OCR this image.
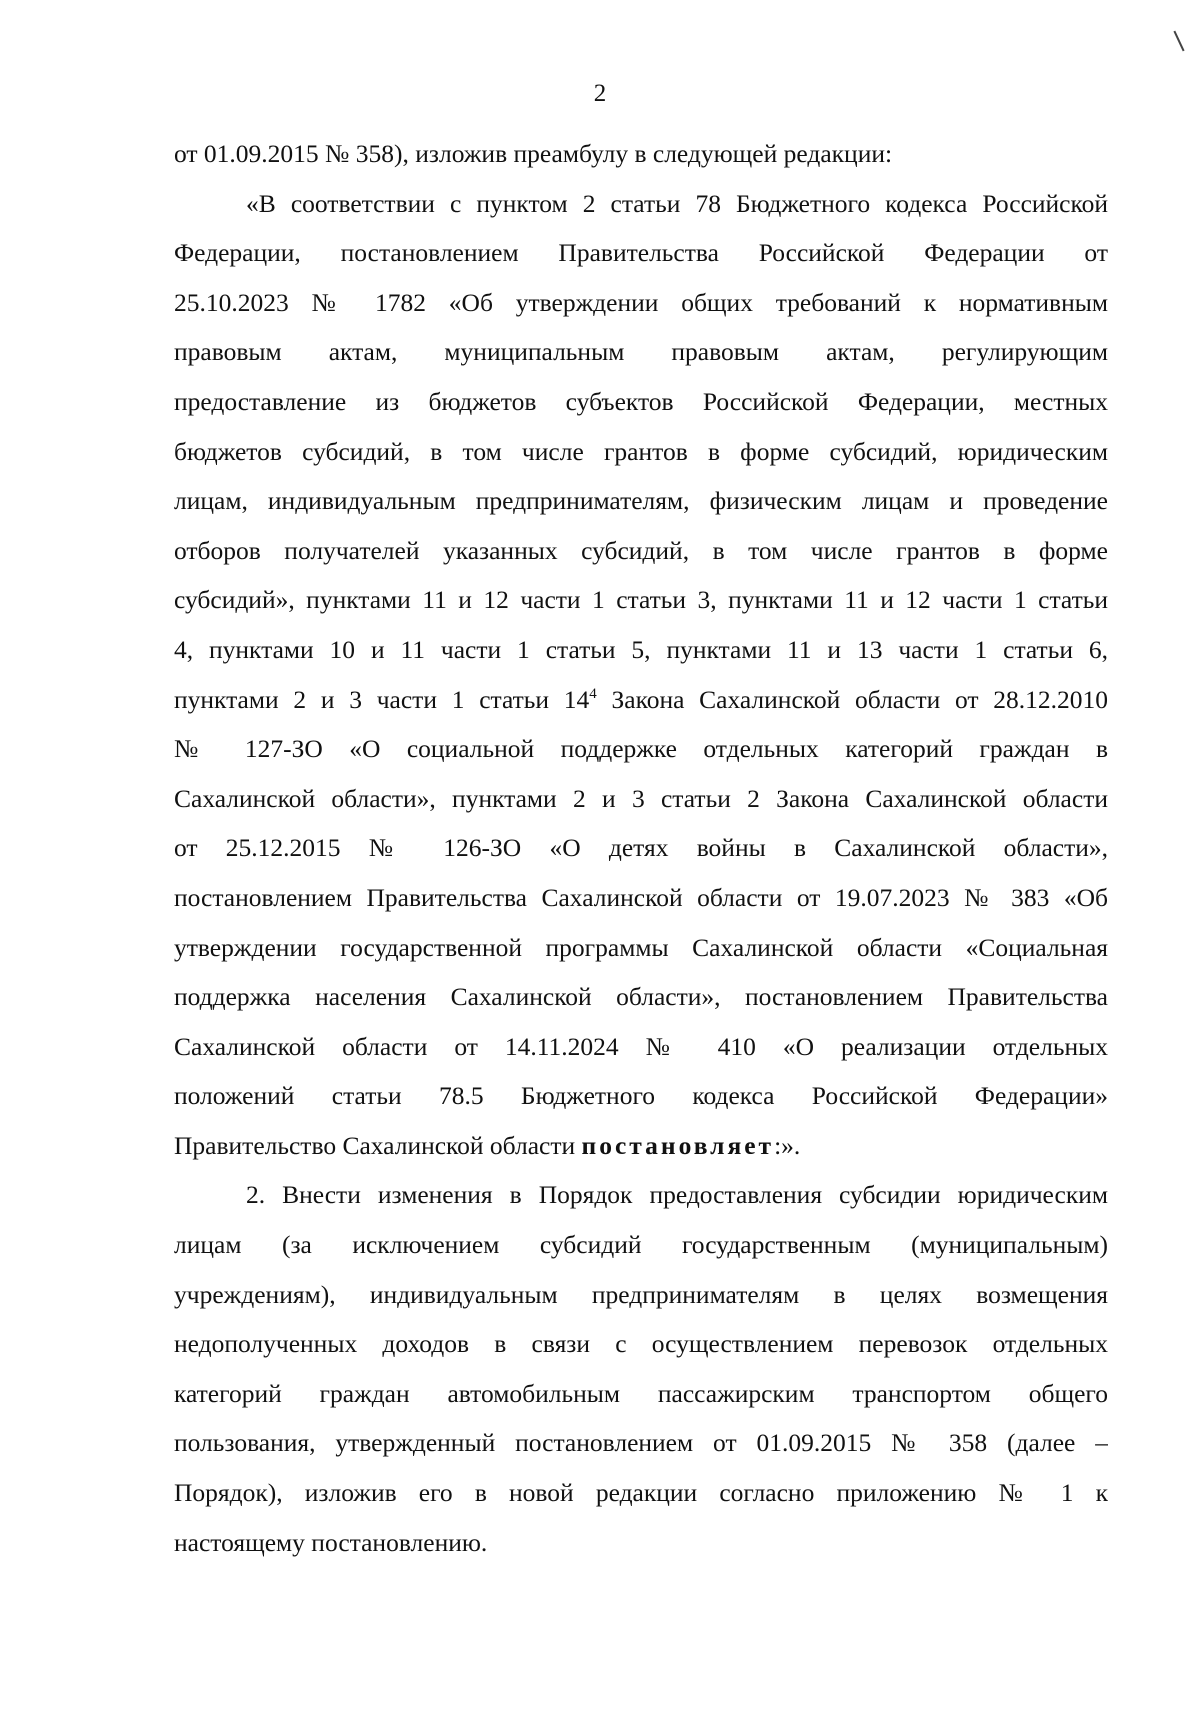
2
от 01.09.2015 № 358), изложив преамбулу в следующей редакции:
«В соответствии с пунктом 2 статьи 78 Бюджетного кодекса Российской
Федерации, постановлением Правительства Российской Федерации от
25.10.2023 № 1782 «Об утверждении общих требований к нормативным
правовым актам, муниципальным правовым актам, регулирующим
предоставление из бюджетов субъектов Российской Федерации, местных
бюджетов субсидий, в том числе грантов в форме субсидий, юридическим
лицам, индивидуальным предпринимателям, физическим лицам и проведение
отборов получателей указанных субсидий, в том числе грантов в форме
субсидий», пунктами 11 и 12 части 1 статьи 3, пунктами 11 и 12 части 1 статьи
4, пунктами 10 и 11 части 1 статьи 5, пунктами 11 и 13 части 1 статьи 6,
пунктами 2 и 3 части 1 статьи $14^4$ Закона Сахалинской области от 28.12.2010
№ 127-ЗО «О социальной поддержке отдельных категорий граждан в
Сахалинской области», пунктами 2 и 3 статьи 2 Закона Сахалинской области
от 25.12.2015 № 126-ЗО «О детях войны в Сахалинской области»,
постановлением Правительства Сахалинской области от 19.07.2023 № 383 «Об
утверждении государственной программы Сахалинской области «Социальная
поддержка населения Сахалинской области», постановлением Правительства
Сахалинской области от 14.11.2024 № 410 «О реализации отдельных
положений статьи 78.5 Бюджетного кодекса Российской Федерации»
Правительство Сахалинской области постановляет:».
2. Внести изменения в Порядок предоставления субсидии юридическим
лицам (за исключением субсидий государственным (муниципальным)
учреждениям), индивидуальным предпринимателям в целях возмещения
недополученных доходов в связи с осуществлением перевозок отдельных
категорий граждан автомобильным пассажирским транспортом общего
пользования, утвержденный постановлением от 01.09.2015 № 358 (далее –
Порядок), изложив его в новой редакции согласно приложению № 1 к
настоящему постановлению.
